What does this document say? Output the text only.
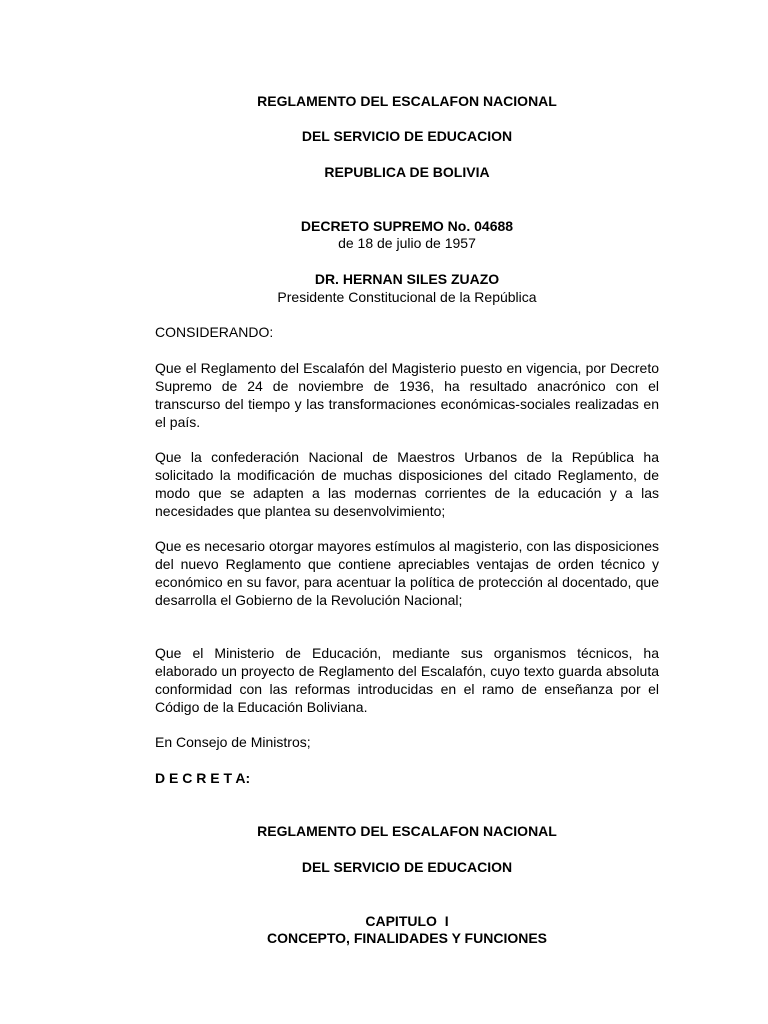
REGLAMENTO DEL ESCALAFON NACIONAL

DEL SERVICIO DE EDUCACION

REPUBLICA DE BOLIVIA

DECRETO SUPREMO No. 04688

de 18 de julio de 1957

DR. HERNAN SILES ZUAZO

Presidente Constitucional de la República

CONSIDERANDO:

Que el Reglamento del Escalafón del Magisterio puesto en vigencia, por Decreto Supremo de 24 de noviembre de 1936, ha resultado anacrónico con el transcurso del tiempo y las transformaciones económicas-sociales realizadas en el país.

Que la confederación Nacional de Maestros Urbanos de la República ha solicitado la modificación de muchas disposiciones del citado Reglamento, de modo que se adapten a las modernas corrientes de la educación y a las necesidades que plantea su desenvolvimiento;

Que es necesario otorgar mayores estímulos al magisterio, con las disposiciones del nuevo Reglamento que contiene apreciables ventajas de orden técnico y económico en su favor, para acentuar la política de protección al docentado, que desarrolla el Gobierno de la Revolución Nacional;

Que el Ministerio de Educación, mediante sus organismos técnicos, ha elaborado un proyecto de Reglamento del Escalafón, cuyo texto guarda absoluta conformidad con las reformas introducidas en el ramo de enseñanza por el Código de la Educación Boliviana.

En Consejo de Ministros;

D E C R E T A:

REGLAMENTO DEL ESCALAFON NACIONAL

DEL SERVICIO DE EDUCACION

CAPITULO  I

CONCEPTO, FINALIDADES Y FUNCIONES
